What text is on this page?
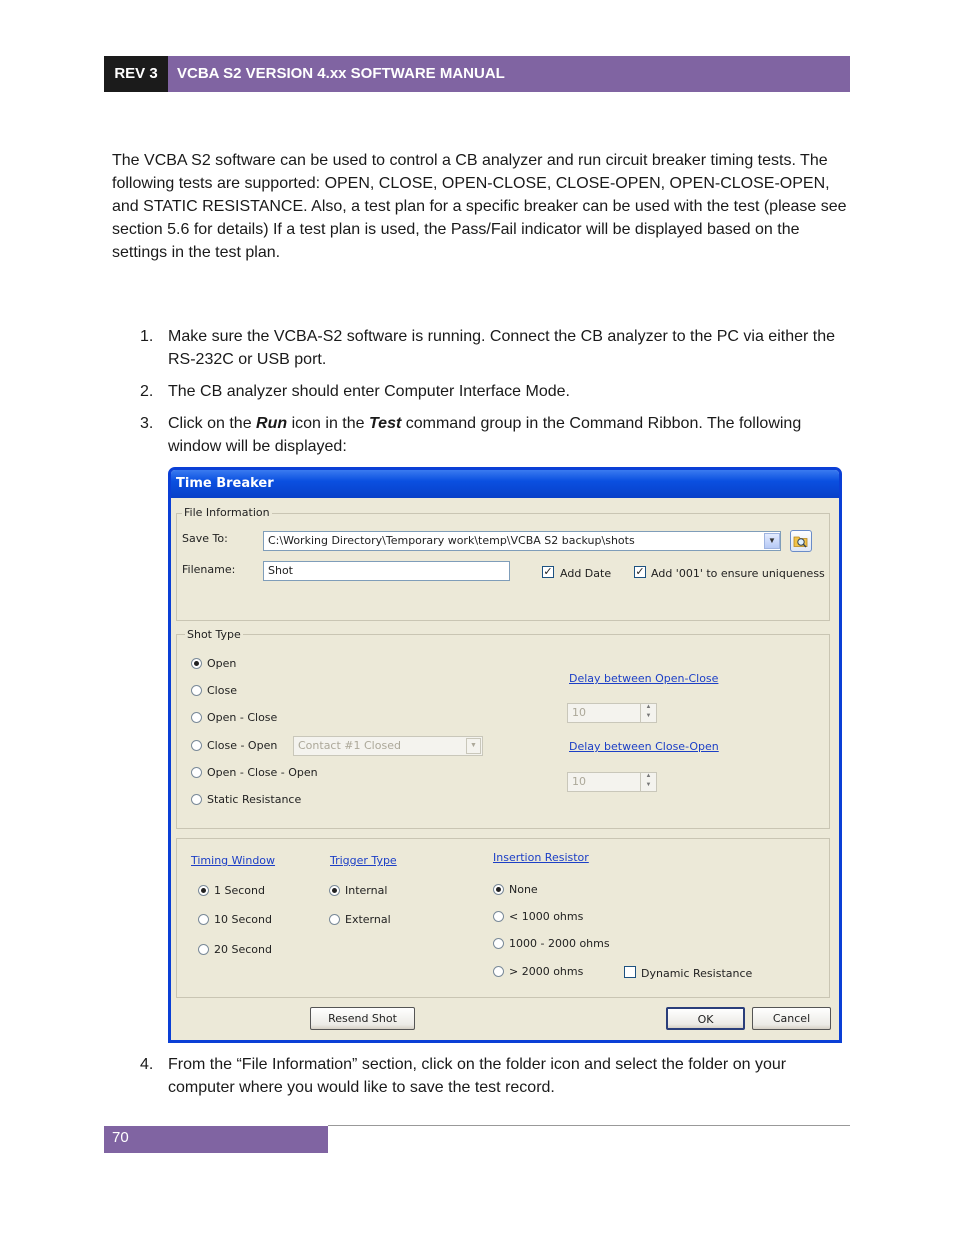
REV 3	VCBA S2 VERSION 4.xx SOFTWARE MANUAL
The VCBA S2 software can be used to control a CB analyzer and run circuit breaker timing tests. The following tests are supported: OPEN, CLOSE, OPEN-CLOSE, CLOSE-OPEN, OPEN-CLOSE-OPEN, and STATIC RESISTANCE. Also, a test plan for a specific breaker can be used with the test (please see section 5.6 for details) If a test plan is used, the Pass/Fail indicator will be displayed based on the settings in the test plan.
1. Make sure the VCBA-S2 software is running. Connect the CB analyzer to the PC via either the RS-232C or USB port.
2. The CB analyzer should enter Computer Interface Mode.
3. Click on the Run icon in the Test command group in the Command Ribbon. The following window will be displayed:
Time Breaker
File Information
Save To:	C:\Working Directory\Temporary work\temp\VCBA S2 backup\shots	▼
Filename:	Shot	✓ Add Date ✓ Add '001' to ensure uniqueness
Shot Type
Open
Close
Open - Close
Close - Open
Open - Close - Open
Static Resistance
Contact #1 Closed	▼
Delay between Open-Close
10	▲
▼
Delay between Close-Open
10	▲
▼
Timing Window
1 Second
10 Second
20 Second
Trigger Type
Internal
External
Insertion Resistor
None
< 1000 ohms
1000 - 2000 ohms
> 2000 ohms	Dynamic Resistance
Resend Shot	OK	Cancel
4. From the “File Information” section, click on the folder icon and select the folder on your computer where you would like to save the test record.
70
